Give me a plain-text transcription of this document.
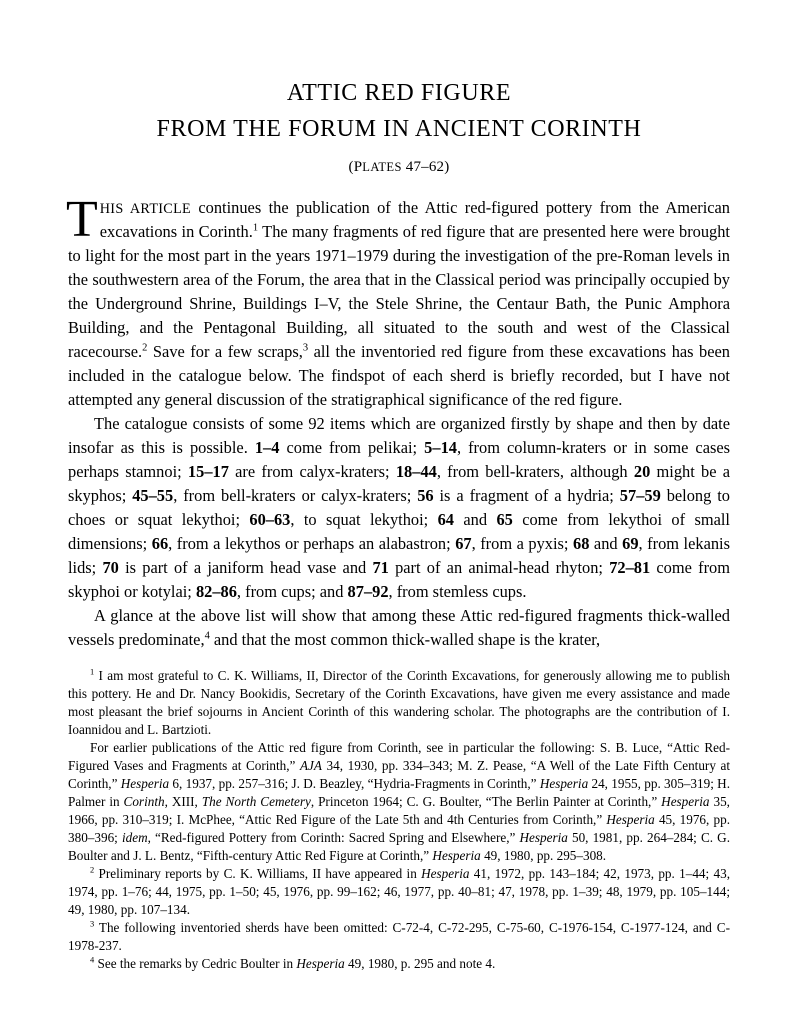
ATTIC RED FIGURE
FROM THE FORUM IN ANCIENT CORINTH
(PLATES 47–62)

THIS ARTICLE continues the publication of the Attic red-figured pottery from the American excavations in Corinth.$^1$ The many fragments of red figure that are presented here were brought to light for the most part in the years 1971–1979 during the investigation of the pre-Roman levels in the southwestern area of the Forum, the area that in the Classical period was principally occupied by the Underground Shrine, Buildings I–V, the Stele Shrine, the Centaur Bath, the Punic Amphora Building, and the Pentagonal Building, all situated to the south and west of the Classical racecourse.$^2$ Save for a few scraps,$^3$ all the inventoried red figure from these excavations has been included in the catalogue below. The findspot of each sherd is briefly recorded, but I have not attempted any general discussion of the stratigraphical significance of the red figure.

The catalogue consists of some 92 items which are organized firstly by shape and then by date insofar as this is possible. 1–4 come from pelikai; 5–14, from column-kraters or in some cases perhaps stamnoi; 15–17 are from calyx-kraters; 18–44, from bell-kraters, although 20 might be a skyphos; 45–55, from bell-kraters or calyx-kraters; 56 is a fragment of a hydria; 57–59 belong to choes or squat lekythoi; 60–63, to squat lekythoi; 64 and 65 come from lekythoi of small dimensions; 66, from a lekythos or perhaps an alabastron; 67, from a pyxis; 68 and 69, from lekanis lids; 70 is part of a janiform head vase and 71 part of an animal-head rhyton; 72–81 come from skyphoi or kotylai; 82–86, from cups; and 87–92, from stemless cups.

A glance at the above list will show that among these Attic red-figured fragments thick-walled vessels predominate,$^4$ and that the most common thick-walled shape is the krater,

$^1$ I am most grateful to C. K. Williams, II, Director of the Corinth Excavations, for generously allowing me to publish this pottery. He and Dr. Nancy Bookidis, Secretary of the Corinth Excavations, have given me every assistance and made most pleasant the brief sojourns in Ancient Corinth of this wandering scholar. The photographs are the contribution of I. Ioannidou and L. Bartzioti.

For earlier publications of the Attic red figure from Corinth, see in particular the following: S. B. Luce, “Attic Red-Figured Vases and Fragments at Corinth,” AJA 34, 1930, pp. 334–343; M. Z. Pease, “A Well of the Late Fifth Century at Corinth,” Hesperia 6, 1937, pp. 257–316; J. D. Beazley, “Hydria-Fragments in Corinth,” Hesperia 24, 1955, pp. 305–319; H. Palmer in Corinth, XIII, The North Cemetery, Princeton 1964; C. G. Boulter, “The Berlin Painter at Corinth,” Hesperia 35, 1966, pp. 310–319; I. McPhee, “Attic Red Figure of the Late 5th and 4th Centuries from Corinth,” Hesperia 45, 1976, pp. 380–396; idem, “Red-figured Pottery from Corinth: Sacred Spring and Elsewhere,” Hesperia 50, 1981, pp. 264–284; C. G. Boulter and J. L. Bentz, “Fifth-century Attic Red Figure at Corinth,” Hesperia 49, 1980, pp. 295–308.

$^2$ Preliminary reports by C. K. Williams, II have appeared in Hesperia 41, 1972, pp. 143–184; 42, 1973, pp. 1–44; 43, 1974, pp. 1–76; 44, 1975, pp. 1–50; 45, 1976, pp. 99–162; 46, 1977, pp. 40–81; 47, 1978, pp. 1–39; 48, 1979, pp. 105–144; 49, 1980, pp. 107–134.

$^3$ The following inventoried sherds have been omitted: C-72-4, C-72-295, C-75-60, C-1976-154, C-1977-124, and C-1978-237.

$^4$ See the remarks by Cedric Boulter in Hesperia 49, 1980, p. 295 and note 4.
